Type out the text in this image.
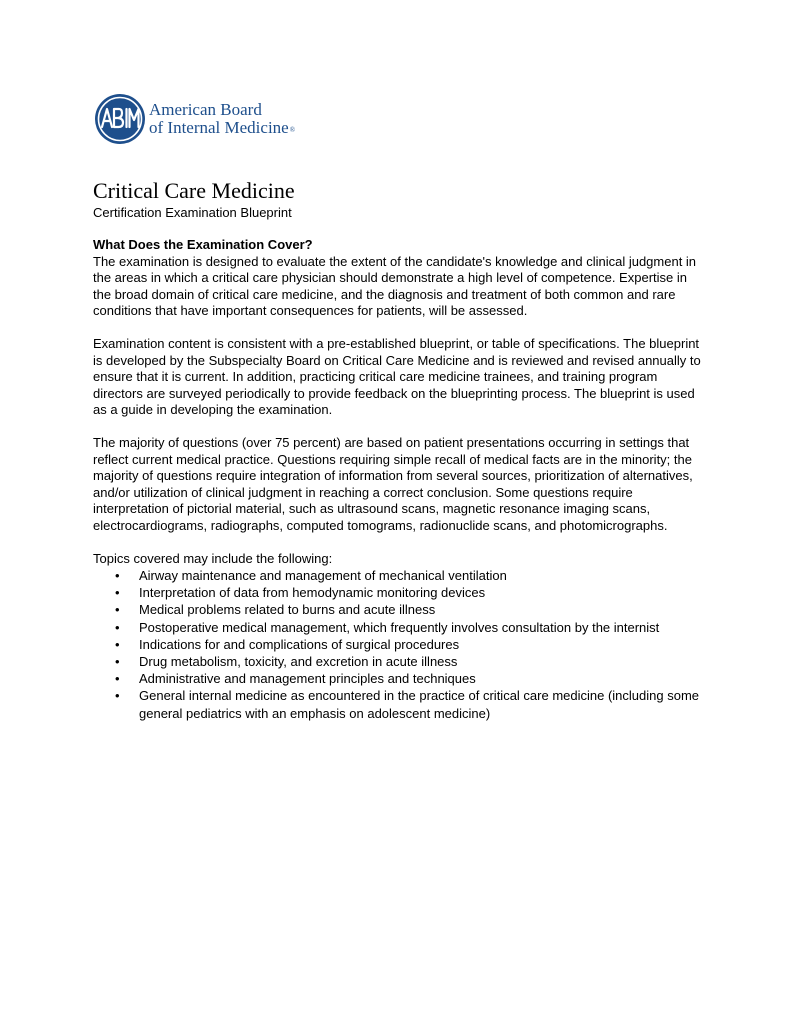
American Board
of Internal Medicine®
Critical Care Medicine
Certification Examination Blueprint
What Does the Examination Cover?

The examination is designed to evaluate the extent of the candidate's knowledge and clinical judgment in the areas in which a critical care physician should demonstrate a high level of competence. Expertise in the broad domain of critical care medicine, and the diagnosis and treatment of both common and rare conditions that have important consequences for patients, will be assessed.

Examination content is consistent with a pre-established blueprint, or table of specifications. The blueprint is developed by the Subspecialty Board on Critical Care Medicine and is reviewed and revised annually to ensure that it is current. In addition, practicing critical care medicine trainees, and training program directors are surveyed periodically to provide feedback on the blueprinting process. The blueprint is used as a guide in developing the examination.

The majority of questions (over 75 percent) are based on patient presentations occurring in settings that reflect current medical practice. Questions requiring simple recall of medical facts are in the minority; the majority of questions require integration of information from several sources, prioritization of alternatives, and/or utilization of clinical judgment in reaching a correct conclusion. Some questions require interpretation of pictorial material, such as ultrasound scans, magnetic resonance imaging scans, electrocardiograms, radiographs, computed tomograms, radionuclide scans, and photomicrographs.

Topics covered may include the following:

• Airway maintenance and management of mechanical ventilation
• Interpretation of data from hemodynamic monitoring devices
• Medical problems related to burns and acute illness
• Postoperative medical management, which frequently involves consultation by the internist
• Indications for and complications of surgical procedures
• Drug metabolism, toxicity, and excretion in acute illness
• Administrative and management principles and techniques
• General internal medicine as encountered in the practice of critical care medicine (including some general pediatrics with an emphasis on adolescent medicine)
